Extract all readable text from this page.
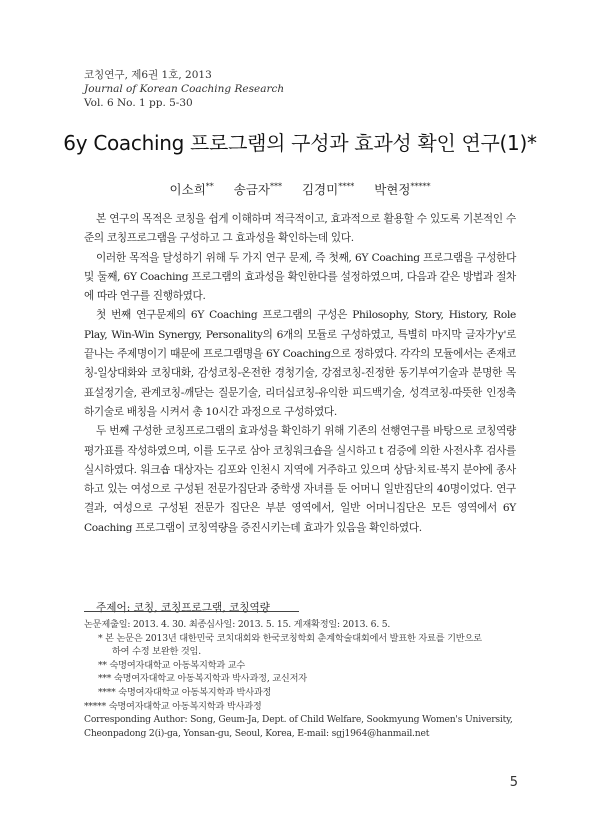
코칭연구, 제6권 1호, 2013
Journal of Korean Coaching Research
Vol. 6 No. 1 pp. 5-30
6y Coaching 프로그램의 구성과 효과성 확인 연구(1)*
이소희** 송금자*** 김경미**** 박현정*****

본 연구의 목적은 코칭을 쉽게 이해하며 적극적이고, 효과적으로 활용할 수 있도록 기본적인 수준의 코칭프로그램을 구성하고 그 효과성을 확인하는데 있다.

이러한 목적을 달성하기 위해 두 가지 연구 문제, 즉 첫째, 6Y Coaching 프로그램을 구성한다 및 둘째, 6Y Coaching 프로그램의 효과성을 확인한다를 설정하였으며, 다음과 같은 방법과 절차에 따라 연구를 진행하였다.

첫 번째 연구문제의 6Y Coaching 프로그램의 구성은 Philosophy, Story, History, Role Play, Win-Win Synergy, Personality의 6개의 모듈로 구성하였고, 특별히 마지막 글자가'y'로 끝나는 주제명이기 때문에 프로그램명을 6Y Coaching으로 정하였다. 각각의 모듈에서는 존재코칭-일상대화와 코칭대화, 감성코칭-온전한 경청기술, 강점코칭-진정한 동기부여기술과 분명한 목표설정기술, 관계코칭-깨닫는 질문기술, 리더십코칭-유익한 피드백기술, 성격코칭-따뜻한 인정축하기술로 배칭을 시켜서 총 10시간 과정으로 구성하였다.

두 번째 구성한 코칭프로그램의 효과성을 확인하기 위해 기존의 선행연구를 바탕으로 코칭역량평가표를 작성하였으며, 이를 도구로 삼아 코칭워크숍을 실시하고 t 검증에 의한 사전사후 검사를 실시하였다. 워크숍 대상자는 김포와 인천시 지역에 거주하고 있으며 상담·치료·복지 분야에 종사하고 있는 여성으로 구성된 전문가집단과 중학생 자녀를 둔 어머니 일반집단의 40명이었다. 연구 결과, 여성으로 구성된 전문가 집단은 부분 영역에서, 일반 어머니집단은 모든 영역에서 6Y Coaching 프로그램이 코칭역량을 증진시키는데 효과가 있음을 확인하였다.

주제어: 코칭, 코칭프로그램, 코칭역량
논문제출일: 2013. 4. 30. 최종심사일: 2013. 5. 15. 게재확정일: 2013. 6. 5.
* 본 논문은 2013년 대한민국 코치대회와 한국코칭학회 춘계학술대회에서 발표한 자료를 기반으로
하여 수정 보완한 것임.
** 숙명여자대학교 아동복지학과 교수
*** 숙명여자대학교 아동복지학과 박사과정, 교신저자
**** 숙명여자대학교 아동복지학과 박사과정
***** 숙명여자대학교 아동복지학과 박사과정
Corresponding Author: Song, Geum-Ja, Dept. of Child Welfare, Sookmyung Women's University,
Cheonpadong 2(i)-ga, Yonsan-gu, Seoul, Korea, E-mail: sgj1964@hanmail.net
5
